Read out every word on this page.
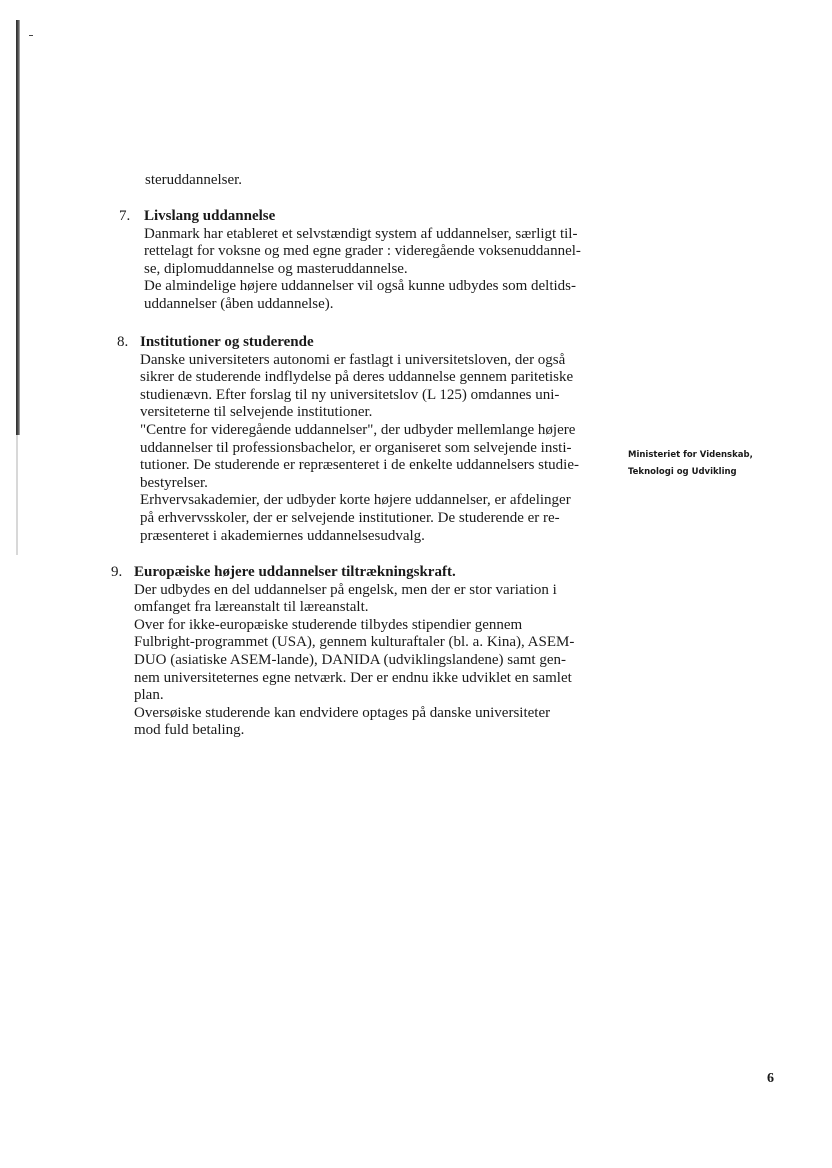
steruddannelser.
7. Livslang uddannelse
Danmark har etableret et selvstændigt system af uddannelser, særligt til-
rettelagt for voksne og med egne grader : videregående voksenuddannel-
se, diplomuddannelse og masteruddannelse.
De almindelige højere uddannelser vil også kunne udbydes som deltids-
uddannelser (åben uddannelse).
8. Institutioner og studerende
Danske universiteters autonomi er fastlagt i universitetsloven, der også
sikrer de studerende indflydelse på deres uddannelse gennem paritetiske
studienævn. Efter forslag til ny universitetslov (L 125) omdannes uni-
versiteterne til selvejende institutioner.
"Centre for videregående uddannelser", der udbyder mellemlange højere
uddannelser til professionsbachelor, er organiseret som selvejende insti-
tutioner. De studerende er repræsenteret i de enkelte uddannelsers studie-
bestyrelser.
Erhvervsakademier, der udbyder korte højere uddannelser, er afdelinger
på erhvervsskoler, der er selvejende institutioner. De studerende er re-
præsenteret i akademiernes uddannelsesudvalg.
9. Europæiske højere uddannelser tiltrækningskraft.
Der udbydes en del uddannelser på engelsk, men der er stor variation i
omfanget fra læreanstalt til læreanstalt.
Over for ikke-europæiske studerende tilbydes stipendier gennem
Fulbright-programmet (USA), gennem kulturaftaler (bl. a. Kina), ASEM-
DUO (asiatiske ASEM-lande), DANIDA (udviklingslandene) samt gen-
nem universiteternes egne netværk. Der er endnu ikke udviklet en samlet
plan.
Oversøiske studerende kan endvidere optages på danske universiteter
mod fuld betaling.
Ministeriet for Videnskab,
Teknologi og Udvikling
6
